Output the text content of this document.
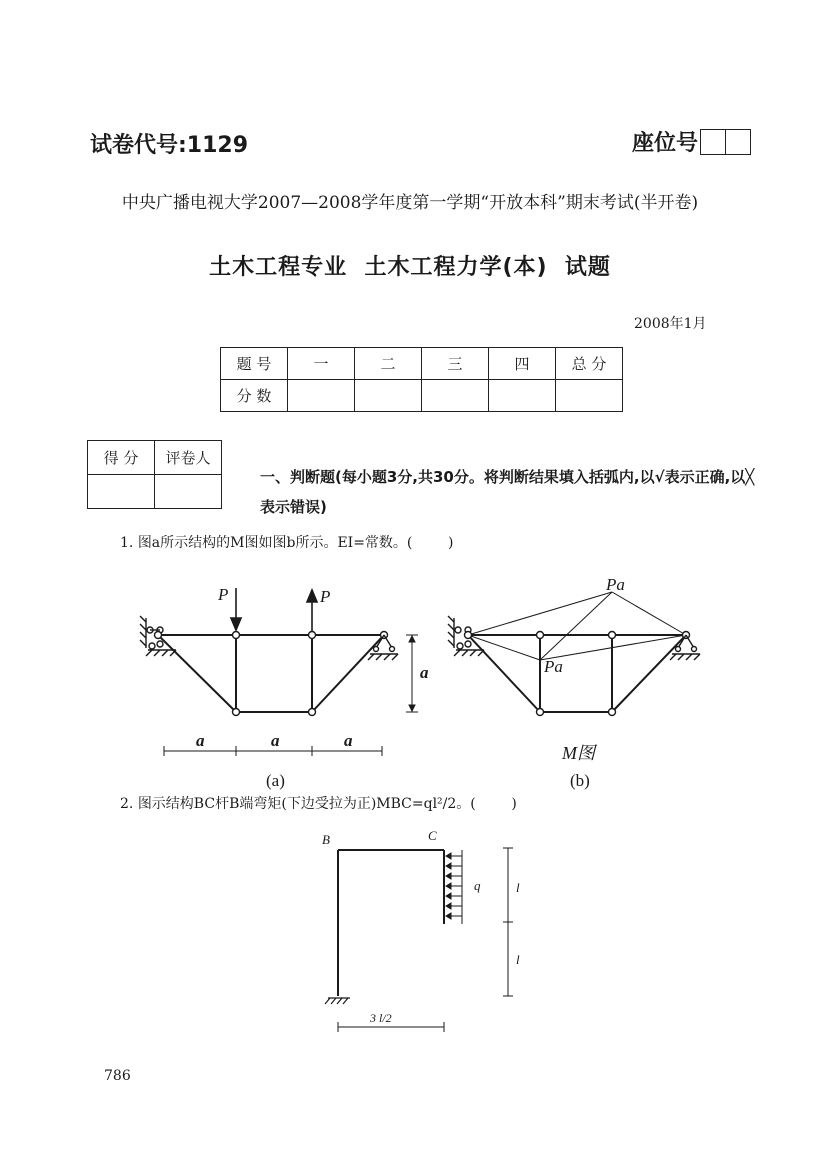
试卷代号:1129	座位号
中央广播电视大学2007—2008学年度第一学期“开放本科”期末考试(半开卷)
土木工程专业  土木工程力学(本)  试题
2008年1月
题 号	一	二	三	四	总 分
分 数					
得 分	评卷人

一、判断题(每小题3分,共30分。将判断结果填入括弧内,以√表示正确,以╳表示错误)
1. 图a所示结构的M图如图b所示。EI=常数。(        )
P	P
a
a	a	a
(a)
Pa
Pa
M图
(b)
2. 图示结构BC杆B端弯矩(下边受拉为正)MBC=ql²/2。(        )
B	C
q	l
l
3 l/2
786
